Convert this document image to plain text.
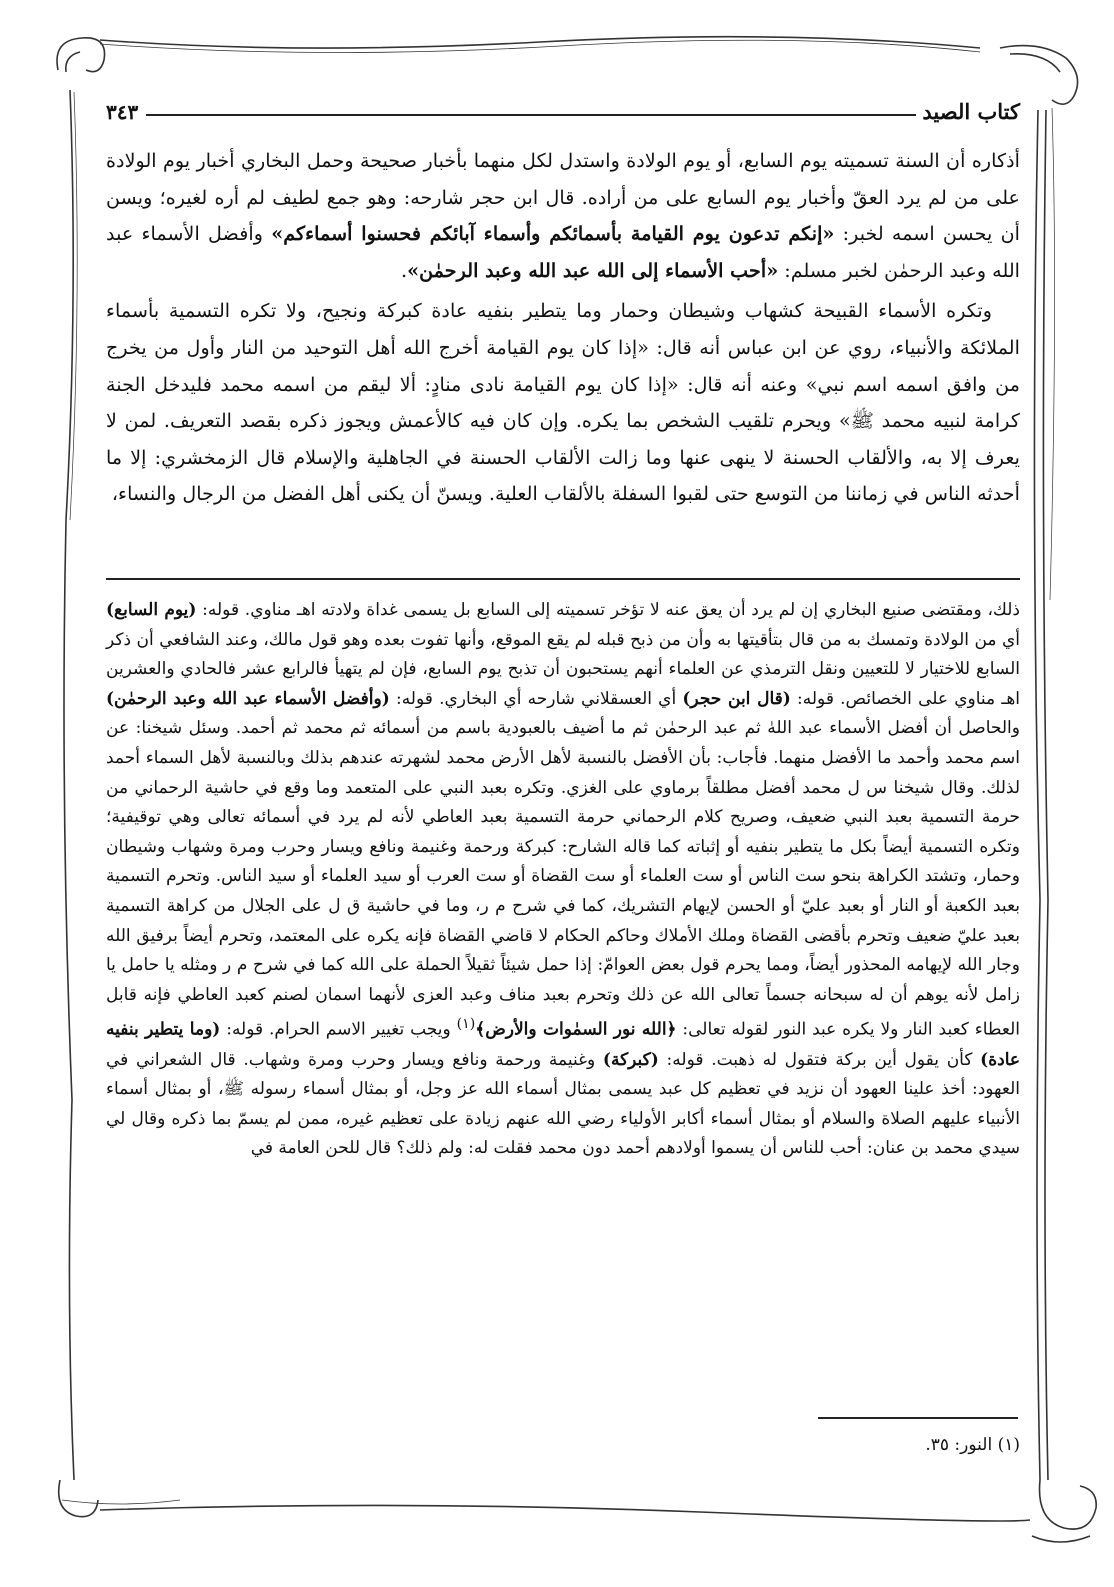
كتاب الصيد
٣٤٣

أذكاره أن السنة تسميته يوم السابع، أو يوم الولادة واستدل لكل منهما بأخبار صحيحة وحمل البخاري أخبار يوم الولادة على من لم يرد العقّ وأخبار يوم السابع على من أراده. قال ابن حجر شارحه: وهو جمع لطيف لم أره لغيره؛ ويسن أن يحسن اسمه لخبر: «إنكم تدعون يوم القيامة بأسمائكم وأسماء آبائكم فحسنوا أسماءكم» وأفضل الأسماء عبد الله وعبد الرحمٰن لخبر مسلم: «أحب الأسماء إلى الله عبد الله وعبد الرحمٰن».

وتكره الأسماء القبيحة كشهاب وشيطان وحمار وما يتطير بنفيه عادة كبركة ونجيح، ولا تكره التسمية بأسماء الملائكة والأنبياء، روي عن ابن عباس أنه قال: «إذا كان يوم القيامة أخرج الله أهل التوحيد من النار وأول من يخرج من وافق اسمه اسم نبي» وعنه أنه قال: «إذا كان يوم القيامة نادى منادٍ: ألا ليقم من اسمه محمد فليدخل الجنة كرامة لنبيه محمد ﷺ» ويحرم تلقيب الشخص بما يكره. وإن كان فيه كالأعمش ويجوز ذكره بقصد التعريف. لمن لا يعرف إلا به، والألقاب الحسنة لا ينهى عنها وما زالت الألقاب الحسنة في الجاهلية والإسلام قال الزمخشري: إلا ما أحدثه الناس في زماننا من التوسع حتى لقبوا السفلة بالألقاب العلية. ويسنّ أن يكنى أهل الفضل من الرجال والنساء،

ذلك، ومقتضى صنيع البخاري إن لم يرد أن يعق عنه لا تؤخر تسميته إلى السابع بل يسمى غداة ولادته اهـ مناوي. قوله: (يوم السابع) أي من الولادة وتمسك به من قال بتأقيتها به وأن من ذبح قبله لم يقع الموقع، وأنها تفوت بعده وهو قول مالك، وعند الشافعي أن ذكر السابع للاختيار لا للتعيين ونقل الترمذي عن العلماء أنهم يستحبون أن تذبح يوم السابع، فإن لم يتهيأ فالرابع عشر فالحادي والعشرين اهـ مناوي على الخصائص. قوله: (قال ابن حجر) أي العسقلاني شارحه أي البخاري. قوله: (وأفضل الأسماء عبد الله وعبد الرحمٰن) والحاصل أن أفضل الأسماء عبد اللهٰ ثم عبد الرحمٰن ثم ما أضيف بالعبودية باسم من أسمائه ثم محمد ثم أحمد. وسئل شيخنا: عن اسم محمد وأحمد ما الأفضل منهما. فأجاب: بأن الأفضل بالنسبة لأهل الأرض محمد لشهرته عندهم بذلك وبالنسبة لأهل السماء أحمد لذلك. وقال شيخنا س ل محمد أفضل مطلقاً برماوي على الغزي. وتكره بعبد النبي على المتعمد وما وقع في حاشية الرحماني من حرمة التسمية بعبد النبي ضعيف، وصريح كلام الرحماني حرمة التسمية بعبد العاطي لأنه لم يرد في أسمائه تعالى وهي توقيفية؛ وتكره التسمية أيضاً بكل ما يتطير بنفيه أو إثباته كما قاله الشارح: كبركة ورحمة وغنيمة ونافع ويسار وحرب ومرة وشهاب وشيطان وحمار، وتشتد الكراهة بنحو ست الناس أو ست العلماء أو ست القضاة أو ست العرب أو سيد العلماء أو سيد الناس. وتحرم التسمية بعبد الكعبة أو النار أو بعبد عليّ أو الحسن لإيهام التشريك، كما في شرح م ر، وما في حاشية ق ل على الجلال من كراهة التسمية بعبد عليّ ضعيف وتحرم بأقضى القضاة وملك الأملاك وحاكم الحكام لا قاضي القضاة فإنه يكره على المعتمد، وتحرم أيضاً برفيق الله وجار الله لإيهامه المحذور أيضاً، ومما يحرم قول بعض العوامّ: إذا حمل شيئاً ثقيلاً الحملة على الله كما في شرح م ر ومثله يا حامل يا زامل لأنه يوهم أن له سبحانه جسماً تعالى الله عن ذلك وتحرم بعبد مناف وعبد العزى لأنهما اسمان لصنم كعبد العاطي فإنه قابل العطاء كعبد النار ولا يكره عبد النور لقوله تعالى: ﴿الله نور السمٰوات والأرض﴾$^{(١)}$ ويجب تغيير الاسم الحرام. قوله: (وما يتطير بنفيه عادة) كأن يقول أين بركة فتقول له ذهبت. قوله: (كبركة) وغنيمة ورحمة ونافع ويسار وحرب ومرة وشهاب. قال الشعراني في العهود: أخذ علينا العهود أن نزيد في تعظيم كل عبد يسمى بمثال أسماء الله عز وجل، أو بمثال أسماء رسوله ﷺ، أو بمثال أسماء الأنبياء عليهم الصلاة والسلام أو بمثال أسماء أكابر الأولياء رضي الله عنهم زيادة على تعظيم غيره، ممن لم يسمّ بما ذكره وقال لي سيدي محمد بن عنان: أحب للناس أن يسموا أولادهم أحمد دون محمد فقلت له: ولم ذلك؟ قال للحن العامة في

(١) النور: ٣٥.
